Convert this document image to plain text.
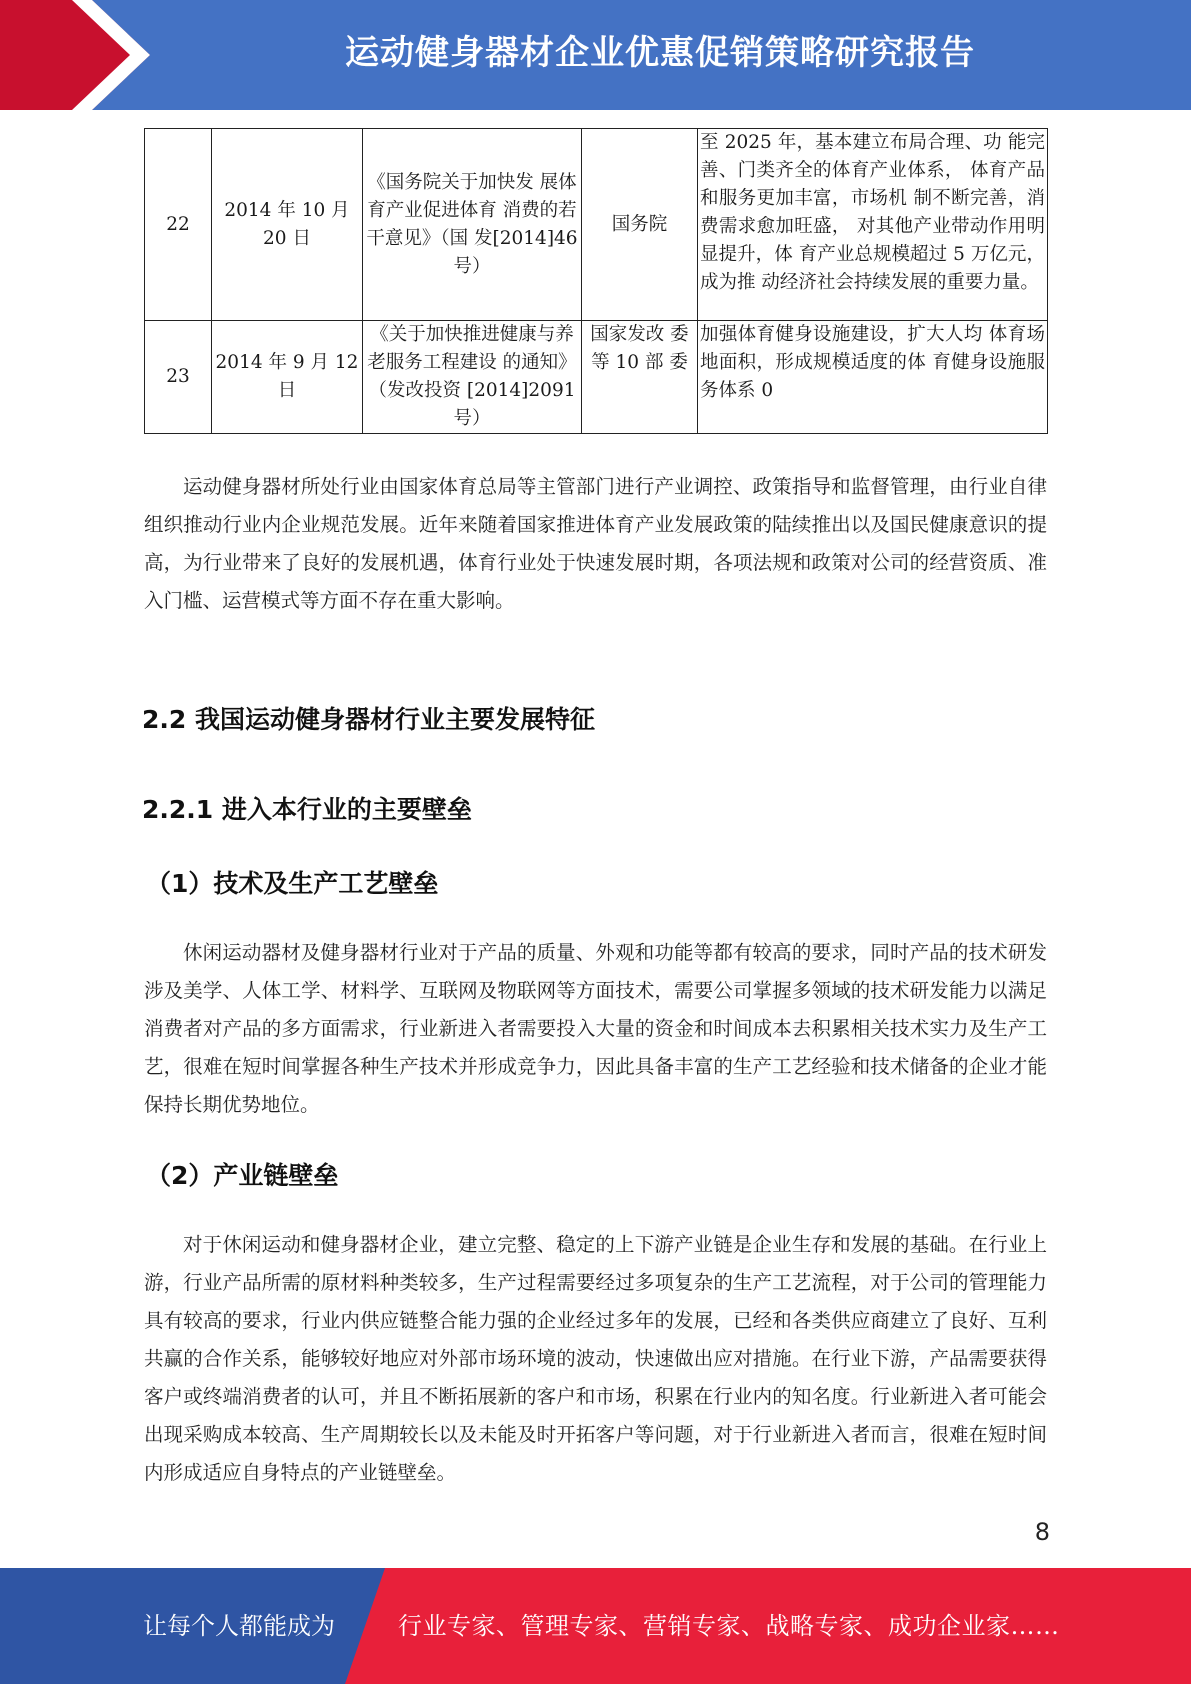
运动健身器材企业优惠促销策略研究报告
22	2014 年 10 月 20 日	《国务院关于加快发 展体育产业促进体育 消费的若干意见》（国 发[2014]46 号）	国务院	至 2025 年，基本建立布局合理、功 能完善、门类齐全的体育产业体系， 体育产品和服务更加丰富，市场机 制不断完善，消费需求愈加旺盛， 对其他产业带动作用明显提升，体 育产业总规模超过 5 万亿元，成为推 动经济社会持续发展的重要力量。
23	2014 年 9 月 12 日	《关于加快推进健康与养老服务工程建设 的通知》（发改投资 [2014]2091 号）	国家发改 委等 10 部 委	加强体育健身设施建设，扩大人均 体育场地面积，形成规模适度的体 育健身设施服务体系 0

运动健身器材所处行业由国家体育总局等主管部门进行产业调控、政策指导和监督管理，由行业自律组织推动行业内企业规范发展。近年来随着国家推进体育产业发展政策的陆续推出以及国民健康意识的提高，为行业带来了良好的发展机遇，体育行业处于快速发展时期，各项法规和政策对公司的经营资质、准入门槛、运营模式等方面不存在重大影响。

2.2 我国运动健身器材行业主要发展特征
2.2.1 进入本行业的主要壁垒
（1）技术及生产工艺壁垒

休闲运动器材及健身器材行业对于产品的质量、外观和功能等都有较高的要求，同时产品的技术研发涉及美学、人体工学、材料学、互联网及物联网等方面技术，需要公司掌握多领域的技术研发能力以满足消费者对产品的多方面需求，行业新进入者需要投入大量的资金和时间成本去积累相关技术实力及生产工艺，很难在短时间掌握各种生产技术并形成竞争力，因此具备丰富的生产工艺经验和技术储备的企业才能保持长期优势地位。

（2）产业链壁垒

对于休闲运动和健身器材企业，建立完整、稳定的上下游产业链是企业生存和发展的基础。在行业上游，行业产品所需的原材料种类较多，生产过程需要经过多项复杂的生产工艺流程，对于公司的管理能力具有较高的要求，行业内供应链整合能力强的企业经过多年的发展，已经和各类供应商建立了良好、互利共赢的合作关系，能够较好地应对外部市场环境的波动，快速做出应对措施。在行业下游，产品需要获得客户或终端消费者的认可，并且不断拓展新的客户和市场，积累在行业内的知名度。行业新进入者可能会出现采购成本较高、生产周期较长以及未能及时开拓客户等问题，对于行业新进入者而言，很难在短时间内形成适应自身特点的产业链壁垒。

8
让每个人都能成为	行业专家、管理专家、营销专家、战略专家、成功企业家……
